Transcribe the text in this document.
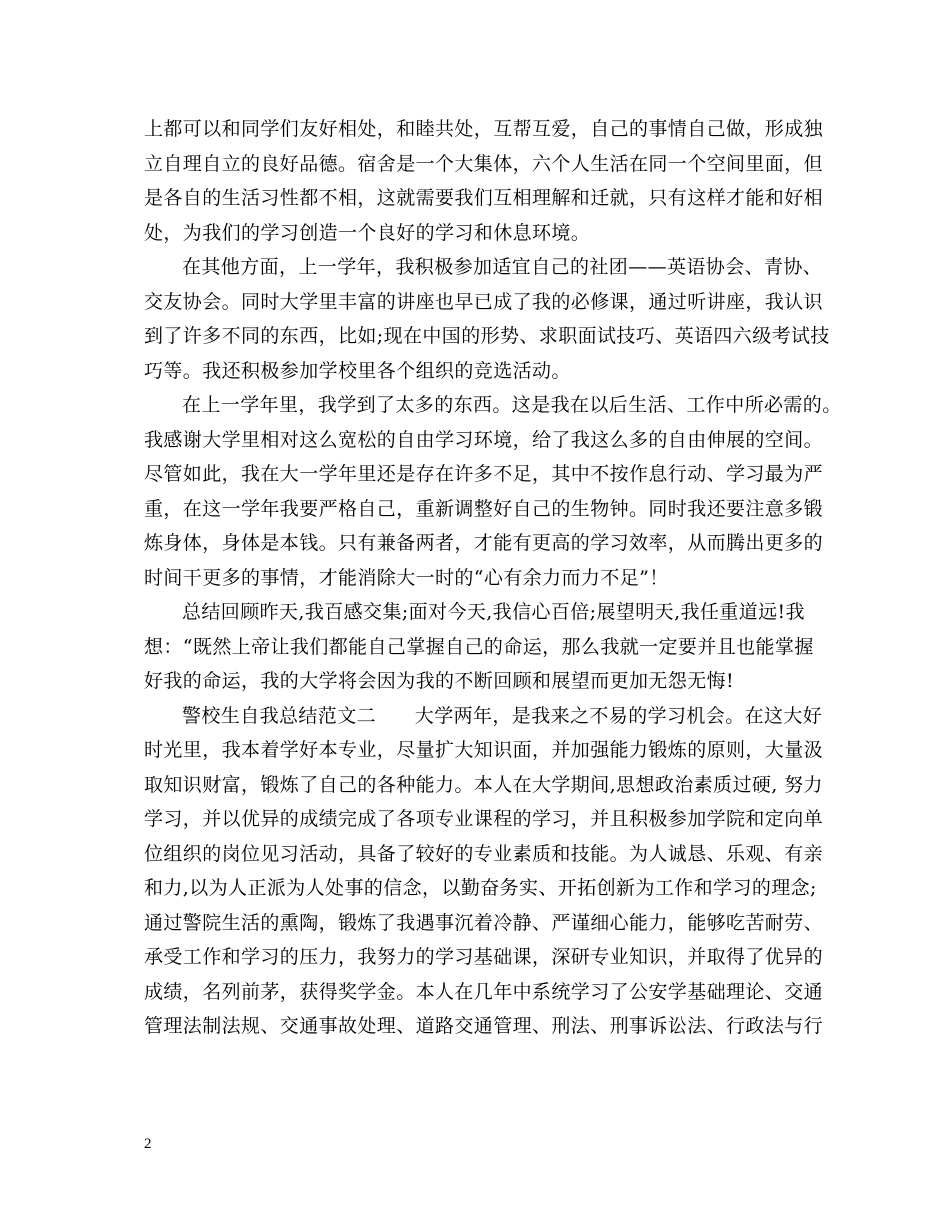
上都可以和同学们友好相处，和睦共处，互帮互爱，自己的事情自己做，形成独
立自理自立的良好品德。宿舍是一个大集体，六个人生活在同一个空间里面，但
是各自的生活习性都不相，这就需要我们互相理解和迁就，只有这样才能和好相
处，为我们的学习创造一个良好的学习和休息环境。
在其他方面，上一学年，我积极参加适宜自己的社团——英语协会、青协、
交友协会。同时大学里丰富的讲座也早已成了我的必修课，通过听讲座，我认识
到了许多不同的东西，比如;现在中国的形势、求职面试技巧、英语四六级考试技
巧等。我还积极参加学校里各个组织的竞选活动。
在上一学年里，我学到了太多的东西。这是我在以后生活、工作中所必需的。
我感谢大学里相对这么宽松的自由学习环境，给了我这么多的自由伸展的空间。
尽管如此，我在大一学年里还是存在许多不足，其中不按作息行动、学习最为严
重，在这一学年我要严格自己，重新调整好自己的生物钟。同时我还要注意多锻
炼身体，身体是本钱。只有兼备两者，才能有更高的学习效率，从而腾出更多的
时间干更多的事情，才能消除大一时的“心有余力而力不足”！
总结回顾昨天,我百感交集;面对今天,我信心百倍;展望明天,我任重道远!我
想：“既然上帝让我们都能自己掌握自己的命运，那么我就一定要并且也能掌握
好我的命运，我的大学将会因为我的不断回顾和展望而更加无怨无悔!
警校生自我总结范文二　　大学两年，是我来之不易的学习机会。在这大好
时光里，我本着学好本专业，尽量扩大知识面，并加强能力锻炼的原则，大量汲
取知识财富，锻炼了自己的各种能力。本人在大学期间,思想政治素质过硬, 努力
学习，并以优异的成绩完成了各项专业课程的学习，并且积极参加学院和定向单
位组织的岗位见习活动，具备了较好的专业素质和技能。为人诚恳、乐观、有亲
和力,以为人正派为人处事的信念，以勤奋务实、开拓创新为工作和学习的理念;
通过警院生活的熏陶，锻炼了我遇事沉着冷静、严谨细心能力，能够吃苦耐劳、
承受工作和学习的压力，我努力的学习基础课，深研专业知识，并取得了优异的
成绩，名列前茅，获得奖学金。本人在几年中系统学习了公安学基础理论、交通
管理法制法规、交通事故处理、道路交通管理、刑法、刑事诉讼法、行政法与行
2
